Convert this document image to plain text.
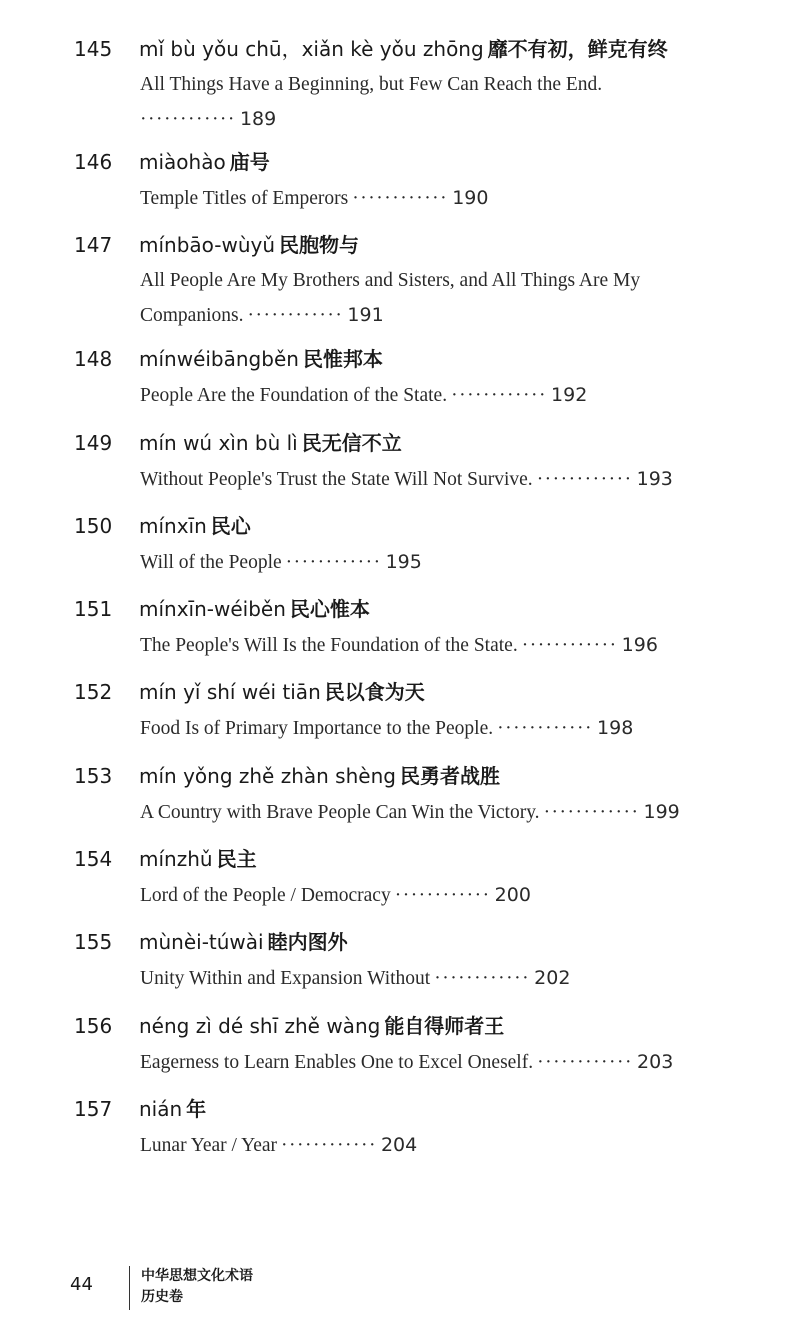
145 mǐ bù yǒu chū，xiǎn kè yǒu zhōng 靡不有初，鲜克有终
All Things Have a Beginning, but Few Can Reach the End.
············ 189
146 miàohào 庙号
Temple Titles of Emperors ············ 190
147 mínbāo-wùyǔ 民胞物与
All People Are My Brothers and Sisters, and All Things Are My Companions. ············ 191
148 mínwéibāngběn 民惟邦本
People Are the Foundation of the State. ············ 192
149 mín wú xìn bù lì 民无信不立
Without People's Trust the State Will Not Survive. ············ 193
150 mínxīn 民心
Will of the People ············ 195
151 mínxīn-wéiběn 民心惟本
The People's Will Is the Foundation of the State. ············ 196
152 mín yǐ shí wéi tiān 民以食为天
Food Is of Primary Importance to the People. ············ 198
153 mín yǒng zhě zhàn shèng 民勇者战胜
A Country with Brave People Can Win the Victory. ············ 199
154 mínzhǔ 民主
Lord of the People / Democracy ············ 200
155 mùnèi-túwài 睦内图外
Unity Within and Expansion Without ············ 202
156 néng zì dé shī zhě wàng 能自得师者王
Eagerness to Learn Enables One to Excel Oneself. ············ 203
157 nián 年
Lunar Year / Year ············ 204
44	中华思想文化术语
历史卷
